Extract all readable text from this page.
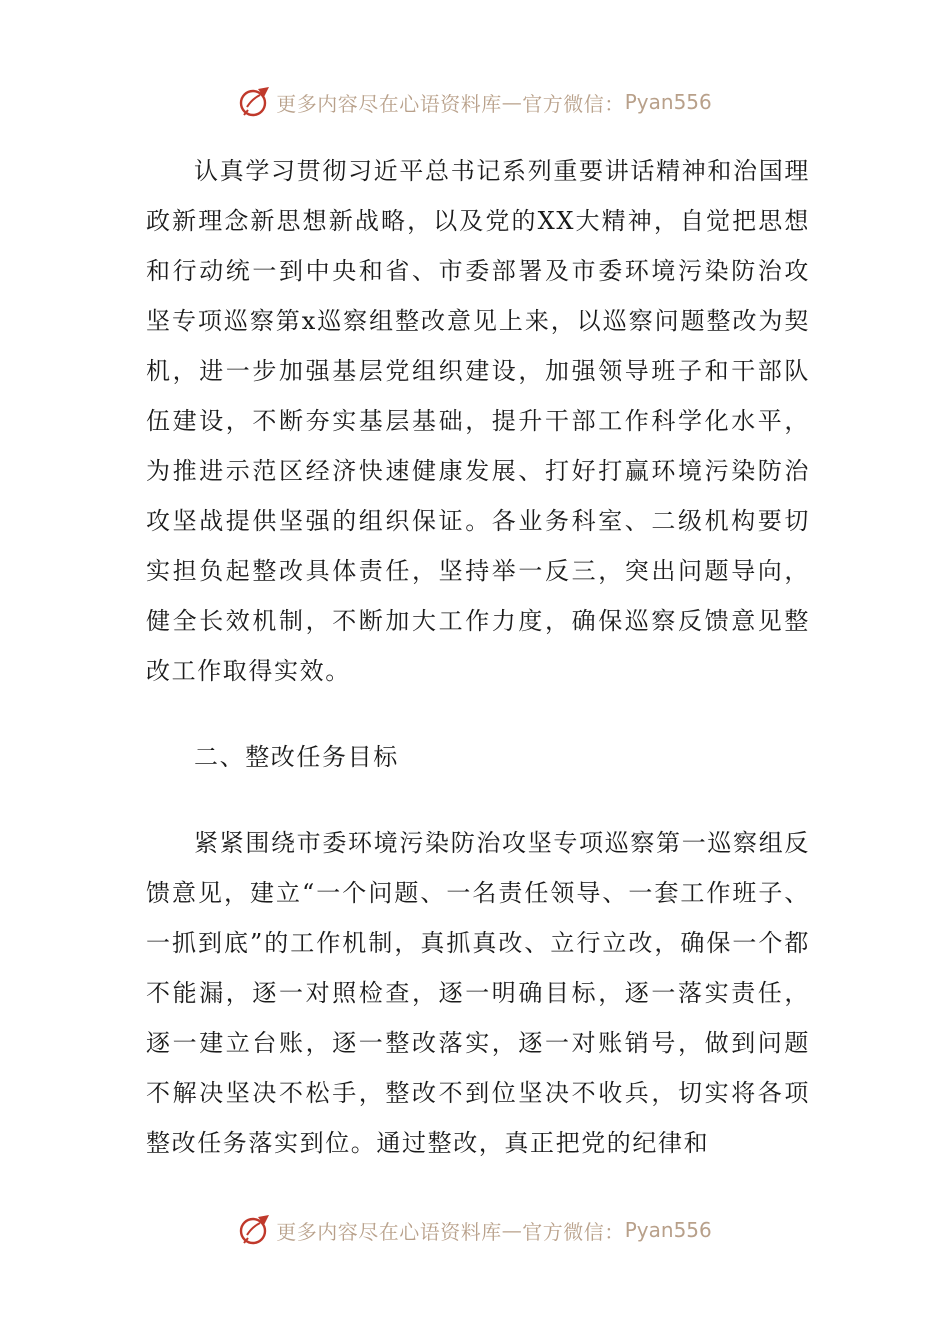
更多内容尽在心语资料库 — 官方微信： Pyan556

认真学习贯彻习近平总书记系列重要讲话精神和治国理政新理念新思想新战略，以及党的XX大精神，自觉把思想和行动统一到中央和省、市委部署及市委环境污染防治攻坚专项巡察第x巡察组整改意见上来，以巡察问题整改为契机，进一步加强基层党组织建设，加强领导班子和干部队伍建设，不断夯实基层基础，提升干部工作科学化水平，为推进示范区经济快速健康发展、打好打赢环境污染防治攻坚战提供坚强的组织保证。各业务科室、二级机构要切实担负起整改具体责任，坚持举一反三，突出问题导向，健全长效机制，不断加大工作力度，确保巡察反馈意见整改工作取得实效。

二、整改任务目标

紧紧围绕市委环境污染防治攻坚专项巡察第一巡察组反馈意见，建立“一个问题、一名责任领导、一套工作班子、一抓到底”的工作机制，真抓真改、立行立改，确保一个都不能漏，逐一对照检查，逐一明确目标，逐一落实责任，逐一建立台账，逐一整改落实，逐一对账销号，做到问题不解决坚决不松手，整改不到位坚决不收兵，切实将各项整改任务落实到位。通过整改，真正把党的纪律和

更多内容尽在心语资料库 — 官方微信： Pyan556
